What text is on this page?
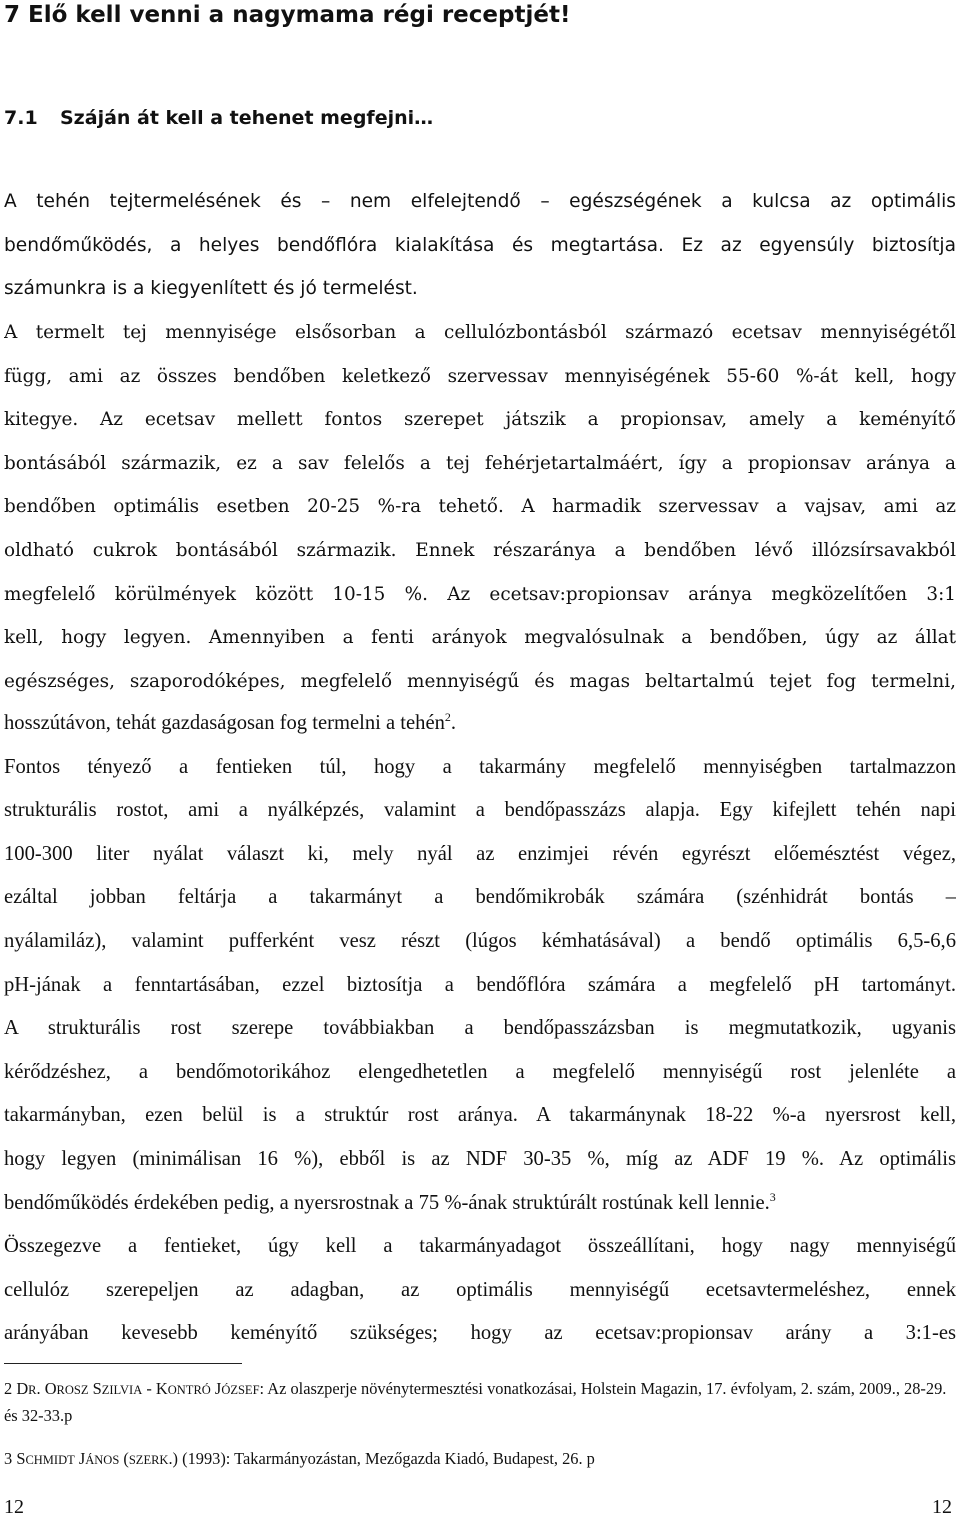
7 Elő kell venni a nagymama régi receptjét!
7.1 Száján át kell a tehenet megfejni…

A tehén tejtermelésének és – nem elfelejtendő – egészségének a kulcsa az optimális
bendőműködés, a helyes bendőflóra kialakítása és megtartása. Ez az egyensúly biztosítja
számunkra is a kiegyenlített és jó termelést.

A termelt tej mennyisége elsősorban a cellulózbontásból származó ecetsav mennyiségétől
függ, ami az összes bendőben keletkező szervessav mennyiségének 55-60 %-át kell, hogy
kitegye. Az ecetsav mellett fontos szerepet játszik a propionsav, amely a keményítő
bontásából származik, ez a sav felelős a tej fehérjetartalmáért, így a propionsav aránya a
bendőben optimális esetben 20-25 %-ra tehető. A harmadik szervessav a vajsav, ami az
oldható cukrok bontásából származik. Ennek részaránya a bendőben lévő illózsírsavakból
megfelelő körülmények között 10-15 %. Az ecetsav:propionsav aránya megközelítően 3:1
kell, hogy legyen. Amennyiben a fenti arányok megvalósulnak a bendőben, úgy az állat
egészséges, szaporodóképes, megfelelő mennyiségű és magas beltartalmú tejet fog termelni,

hosszútávon, tehát gazdaságosan fog termelni a tehén$^2$.
Fontos tényező a fentieken túl, hogy a takarmány megfelelő mennyiségben tartalmazzon
strukturális rostot, ami a nyálképzés, valamint a bendőpasszázs alapja. Egy kifejlett tehén napi
100-300 liter nyálat választ ki, mely nyál az enzimjei révén egyrészt előemésztést végez,
ezáltal jobban feltárja a takarmányt a bendőmikrobák számára (szénhidrát bontás –
nyálamiláz), valamint pufferként vesz részt (lúgos kémhatásával) a bendő optimális 6,5-6,6
pH-jának a fenntartásában, ezzel biztosítja a bendőflóra számára a megfelelő pH tartományt.
A strukturális rost szerepe továbbiakban a bendőpasszázsban is megmutatkozik, ugyanis
kérődzéshez, a bendőmotorikához elengedhetetlen a megfelelő mennyiségű rost jelenléte a
takarmányban, ezen belül is a struktúr rost aránya. A takarmánynak 18-22 %-a nyersrost kell,
hogy legyen (minimálisan 16 %), ebből is az NDF 30-35 %, míg az ADF 19 %. Az optimális
bendőműködés érdekében pedig, a nyersrostnak a 75 %-ának struktúrált rostúnak kell lennie.$^3$
Összegezve a fentieket, úgy kell a takarmányadagot összeállítani, hogy nagy mennyiségű
cellulóz szerepeljen az adagban, az optimális mennyiségű ecetsavtermeléshez, ennek
arányában kevesebb keményítő szükséges; hogy az ecetsav:propionsav arány a 3:1-es

2 DR. OROSZ SZILVIA - KONTRÓ JÓZSEF: Az olaszperje növénytermesztési vonatkozásai, Holstein Magazin, 17. évfolyam, 2. szám, 2009., 28-29. és 32-33.p

3 SCHMIDT JÁNOS (SZERK.) (1993): Takarmányozástan, Mezőgazda Kiadó, Budapest, 26. p

12	12
